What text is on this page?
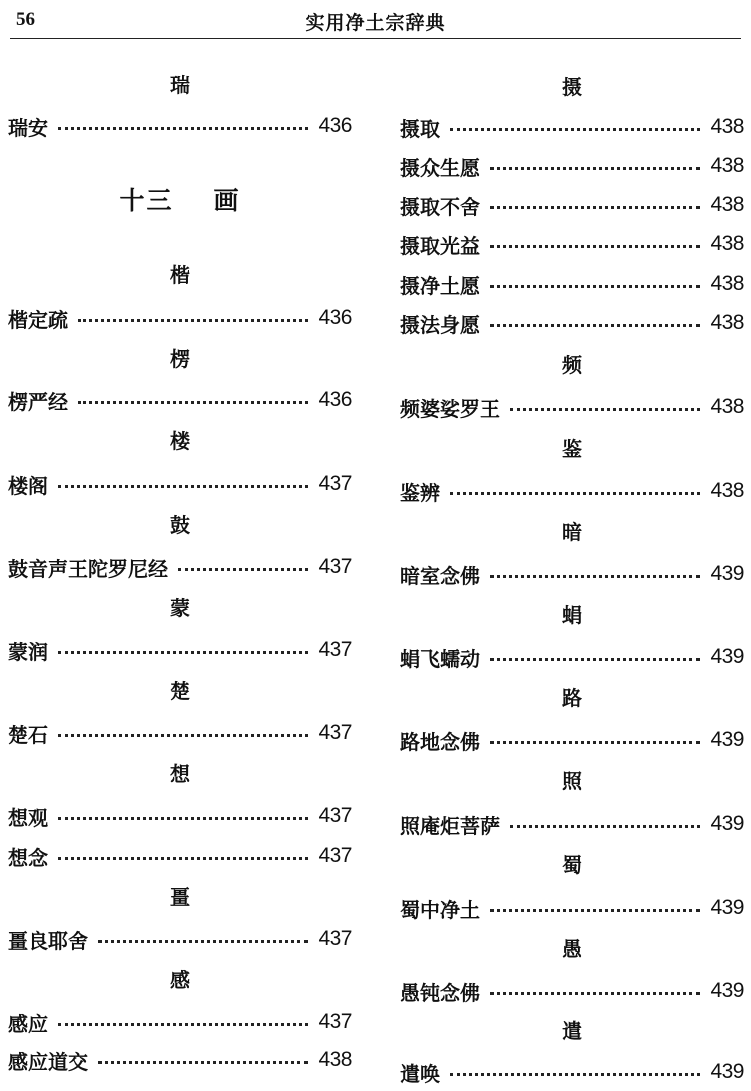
56	实用净土宗辞典
瑞
瑞安	436
十三 画
楷
楷定疏	436
楞
楞严经	436
楼
楼阁	437
鼓
鼓音声王陀罗尼经	437
蒙
蒙润	437
楚
楚石	437
想
想观	437
想念	437
畺
畺良耶舍	437
感
感应	437
感应道交	438
摄
摄取	438
摄众生愿	438
摄取不舍	438
摄取光益	438
摄净土愿	438
摄法身愿	438
频
频婆娑罗王	438
鉴
鉴辨	438
暗
暗室念佛	439
蜎
蜎飞蠕动	439
路
路地念佛	439
照
照庵炬菩萨	439
蜀
蜀中净土	439
愚
愚钝念佛	439
遣
遣唤	439
